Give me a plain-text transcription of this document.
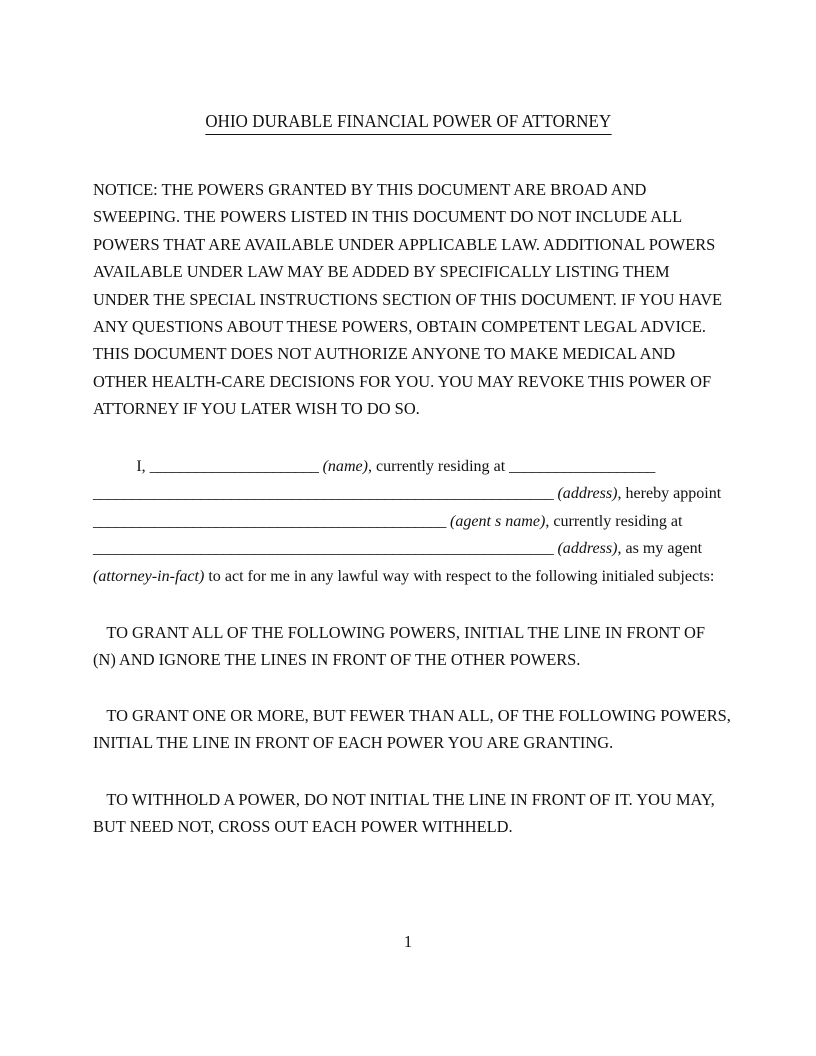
OHIO DURABLE FINANCIAL POWER OF ATTORNEY
NOTICE: THE POWERS GRANTED BY THIS DOCUMENT ARE BROAD AND
SWEEPING. THE POWERS LISTED IN THIS DOCUMENT DO NOT INCLUDE ALL
POWERS THAT ARE AVAILABLE UNDER APPLICABLE LAW. ADDITIONAL POWERS
AVAILABLE UNDER LAW MAY BE ADDED BY SPECIFICALLY LISTING THEM
UNDER THE SPECIAL INSTRUCTIONS SECTION OF THIS DOCUMENT. IF YOU HAVE
ANY QUESTIONS ABOUT THESE POWERS, OBTAIN COMPETENT LEGAL ADVICE.
THIS DOCUMENT DOES NOT AUTHORIZE ANYONE TO MAKE MEDICAL AND
OTHER HEALTH-CARE DECISIONS FOR YOU. YOU MAY REVOKE THIS POWER OF
ATTORNEY IF YOU LATER WISH TO DO SO.
I, ______________________ (name), currently residing at ___________________
____________________________________________________________ (address), hereby appoint
______________________________________________ (agent s name), currently residing at
____________________________________________________________ (address), as my agent
(attorney-in-fact) to act for me in any lawful way with respect to the following initialed subjects:
TO GRANT ALL OF THE FOLLOWING POWERS, INITIAL THE LINE IN FRONT OF
(N) AND IGNORE THE LINES IN FRONT OF THE OTHER POWERS.
TO GRANT ONE OR MORE, BUT FEWER THAN ALL, OF THE FOLLOWING POWERS,
INITIAL THE LINE IN FRONT OF EACH POWER YOU ARE GRANTING.
TO WITHHOLD A POWER, DO NOT INITIAL THE LINE IN FRONT OF IT. YOU MAY,
BUT NEED NOT, CROSS OUT EACH POWER WITHHELD.
1
